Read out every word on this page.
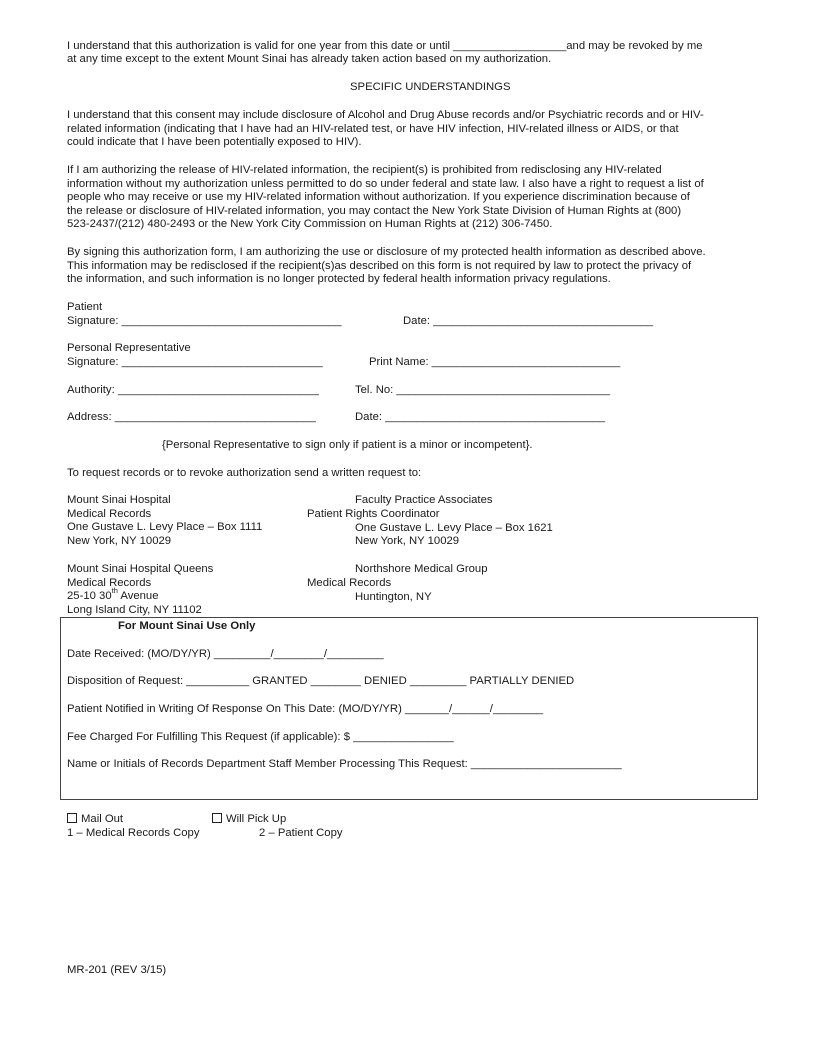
I understand that this authorization is valid for one year from this date or until __________________and may be revoked by me
at any time except to the extent Mount Sinai has already taken action based on my authorization.
SPECIFIC UNDERSTANDINGS

I understand that this consent may include disclosure of Alcohol and Drug Abuse records and/or Psychiatric records and or HIV-

related information (indicating that I have had an HIV-related test, or have HIV infection, HIV-related illness or AIDS, or that

could indicate that I have been potentially exposed to HIV).

If I am authorizing the release of HIV-related information, the recipient(s) is prohibited from redisclosing any HIV-related

information without my authorization unless permitted to do so under federal and state law. I also have a right to request a list of

people who may receive or use my HIV-related information without authorization. If you experience discrimination because of

the release or disclosure of HIV-related information, you may contact the New York State Division of Human Rights at (800)

523-2437/(212) 480-2493 or the New York City Commission on Human Rights at (212) 306-7450.

By signing this authorization form, I am authorizing the use or disclosure of my protected health information as described above.

This information may be redisclosed if the recipient(s)as described on this form is not required by law to protect the privacy of

the information, and such information is no longer protected by federal health information privacy regulations.

Patient
Signature: ___________________________________	Date: ___________________________________
Personal Representative
Signature: ________________________________	Print Name: ______________________________
Authority: ________________________________	Tel. No: __________________________________
Address: ________________________________	Date: ___________________________________
{Personal Representative to sign only if patient is a minor or incompetent}.
To request records or to revoke authorization send a written request to:
Mount Sinai Hospital
Medical Records
One Gustave L. Levy Place – Box 1111
New York, NY 10029
Faculty Practice Associates
Patient Rights Coordinator
One Gustave L. Levy Place – Box 1621
New York, NY 10029
Mount Sinai Hospital Queens
Medical Records
25-10 30th Avenue
Long Island City, NY 11102
Northshore Medical Group
Medical Records
Huntington, NY
For Mount Sinai Use Only
Date Received: (MO/DY/YR) _________/________/_________
Disposition of Request: __________ GRANTED ________ DENIED _________ PARTIALLY DENIED
Patient Notified in Writing Of Response On This Date: (MO/DY/YR) _______/______/________
Fee Charged For Fulfilling This Request (if applicable): $ ________________
Name or Initials of Records Department Staff Member Processing This Request: ________________________
Mail Out	Will Pick Up
1 – Medical Records Copy	2 – Patient Copy
MR-201 (REV 3/15)
